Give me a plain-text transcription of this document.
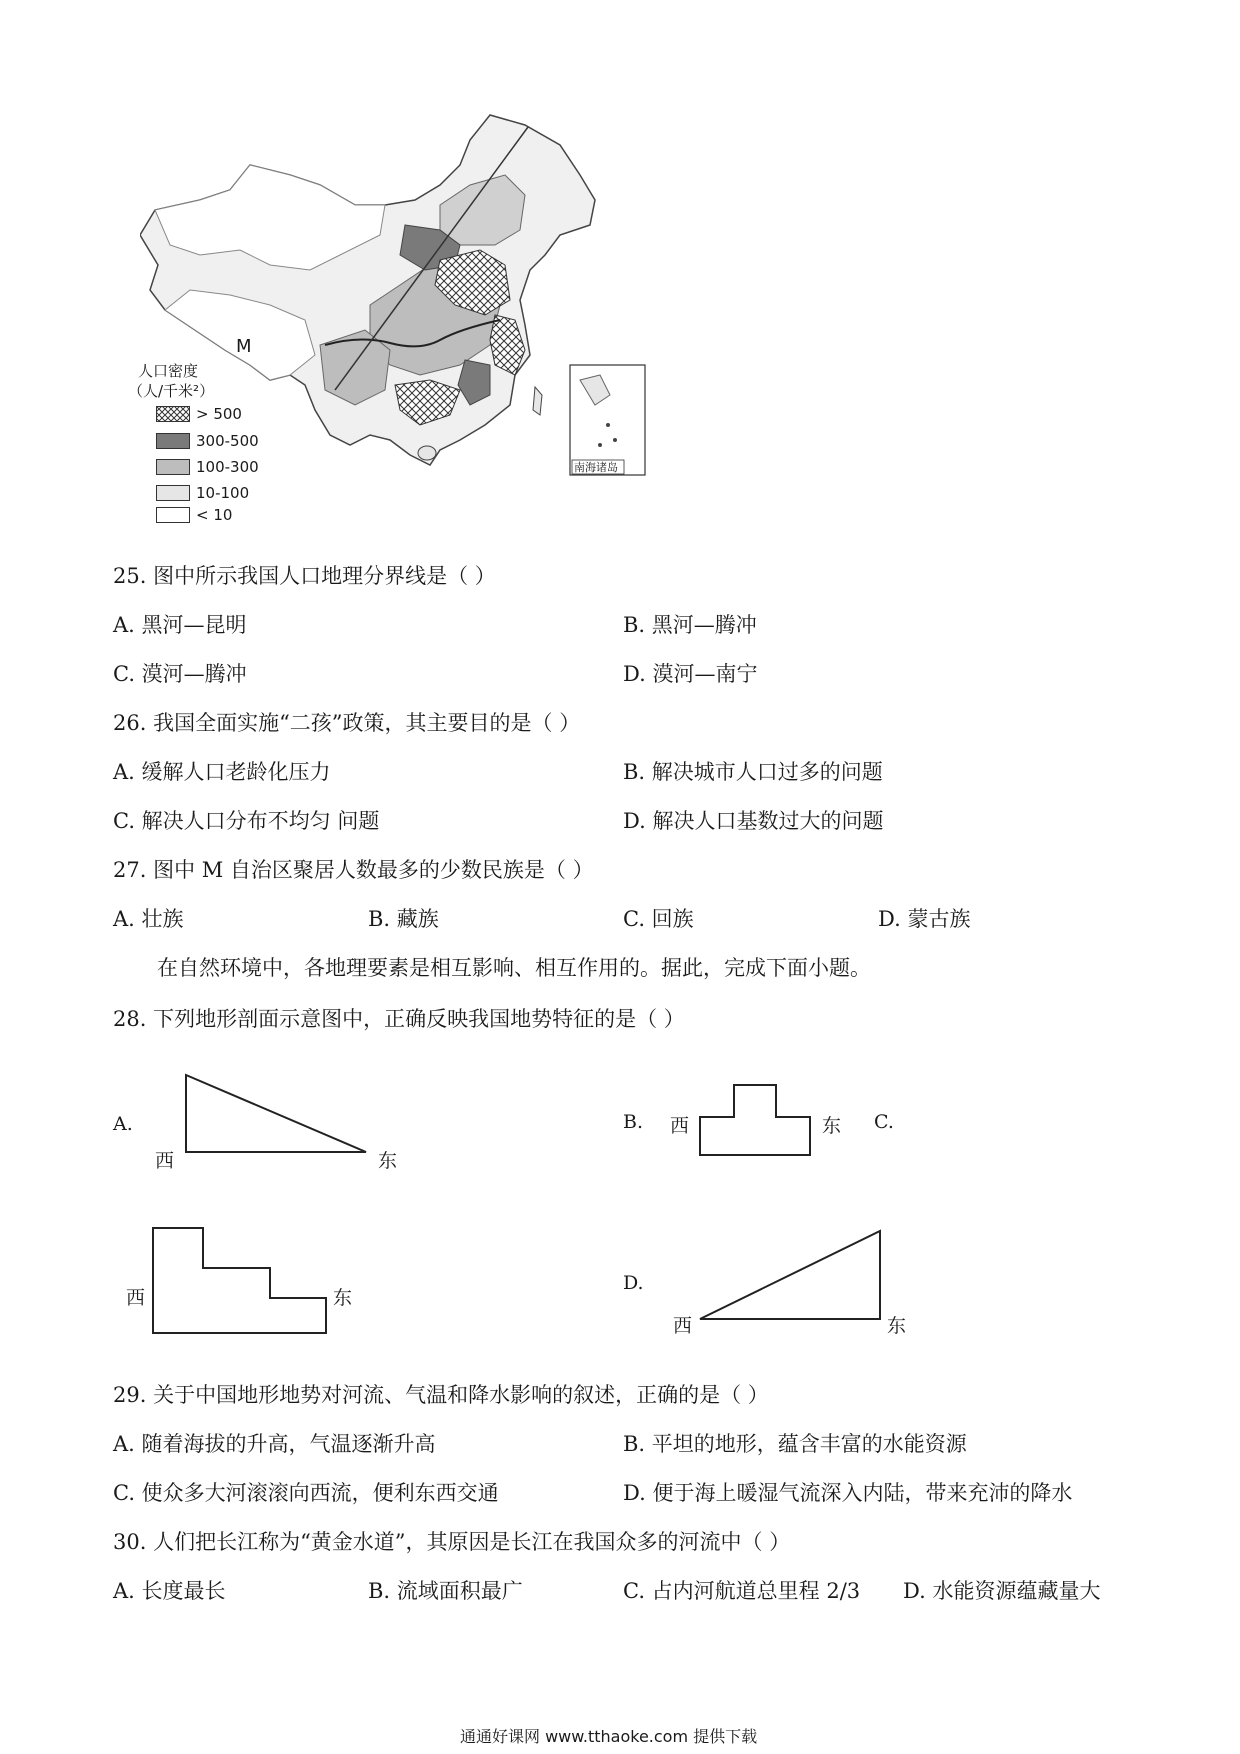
M
南海诸岛
人口密度
（人/千米²）
> 500
300-500
100-300
10-100
< 10
25. 图中所示我国人口地理分界线是（ ）
A. 黑河—昆明	B. 黑河—腾冲
C. 漠河—腾冲	D. 漠河—南宁
26. 我国全面实施“二孩”政策，其主要目的是（ ）
A. 缓解人口老龄化压力	B. 解决城市人口过多的问题
C. 解决人口分布不均匀 问题	D. 解决人口基数过大的问题
27. 图中 M 自治区聚居人数最多的少数民族是（ ）
A. 壮族	B. 藏族	C. 回族	D. 蒙古族
在自然环境中，各地理要素是相互影响、相互作用的。据此，完成下面小题。
28. 下列地形剖面示意图中，正确反映我国地势特征的是（ ）
A.
西	东
B. 西	东 C.
西	东
D.
西	东
29. 关于中国地形地势对河流、气温和降水影响的叙述，正确的是（ ）
A. 随着海拔的升高，气温逐渐升高	B. 平坦的地形，蕴含丰富的水能资源
C. 使众多大河滚滚向西流，便利东西交通	D. 便于海上暖湿气流深入内陆，带来充沛的降水
30. 人们把长江称为“黄金水道”，其原因是长江在我国众多的河流中（ ）
A. 长度最长	B. 流域面积最广	C. 占内河航道总里程 2/3 D. 水能资源蕴藏量大
通通好课网 www.tthaoke.com 提供下载
